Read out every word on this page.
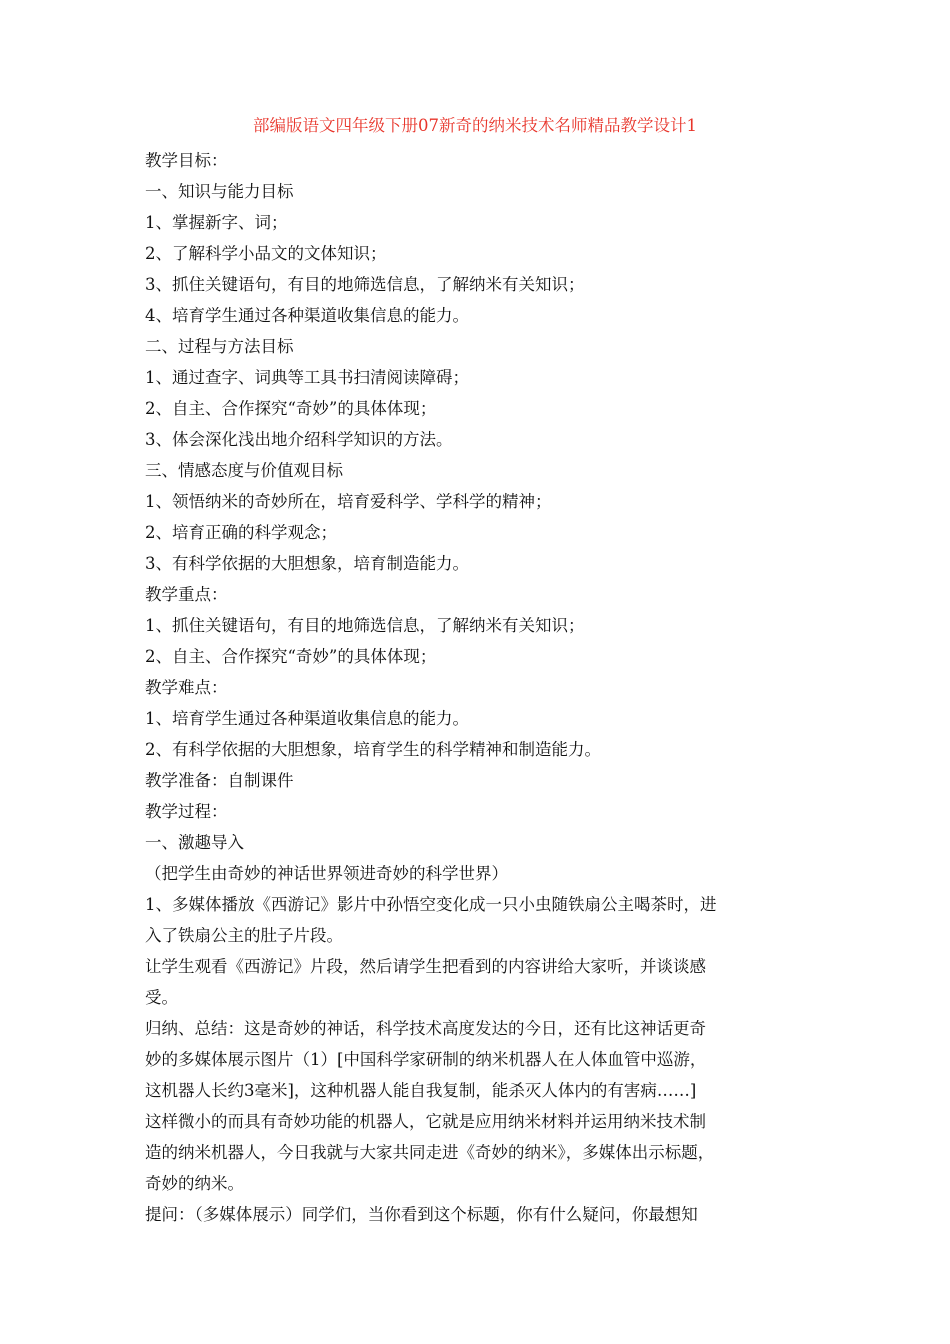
部编版语文四年级下册07新奇的纳米技术名师精品教学设计1
教学目标：
一、知识与能力目标
1、掌握新字、词；
2、了解科学小品文的文体知识；
3、抓住关键语句，有目的地筛选信息，了解纳米有关知识；
4、培育学生通过各种渠道收集信息的能力。
二、过程与方法目标
1、通过查字、词典等工具书扫清阅读障碍；
2、自主、合作探究“奇妙”的具体体现；
3、体会深化浅出地介绍科学知识的方法。
三、情感态度与价值观目标
1、领悟纳米的奇妙所在，培育爱科学、学科学的精神；
2、培育正确的科学观念；
3、有科学依据的大胆想象，培育制造能力。
教学重点：
1、抓住关键语句，有目的地筛选信息，了解纳米有关知识；
2、自主、合作探究“奇妙”的具体体现；
教学难点：
1、培育学生通过各种渠道收集信息的能力。
2、有科学依据的大胆想象，培育学生的科学精神和制造能力。
教学准备：自制课件
教学过程：
一、激趣导入
（把学生由奇妙的神话世界领进奇妙的科学世界）
1、多媒体播放《西游记》影片中孙悟空变化成一只小虫随铁扇公主喝茶时，进
入了铁扇公主的肚子片段。
让学生观看《西游记》片段，然后请学生把看到的内容讲给大家听，并谈谈感
受。
归纳、总结：这是奇妙的神话，科学技术高度发达的今日，还有比这神话更奇
妙的多媒体展示图片（1）[中国科学家研制的纳米机器人在人体血管中巡游，
这机器人长约3毫米]，这种机器人能自我复制，能杀灭人体内的有害病……]
这样微小的而具有奇妙功能的机器人，它就是应用纳米材料并运用纳米技术制
造的纳米机器人，今日我就与大家共同走进《奇妙的纳米》，多媒体出示标题，
奇妙的纳米。
提问：（多媒体展示）同学们，当你看到这个标题，你有什么疑问，你最想知
